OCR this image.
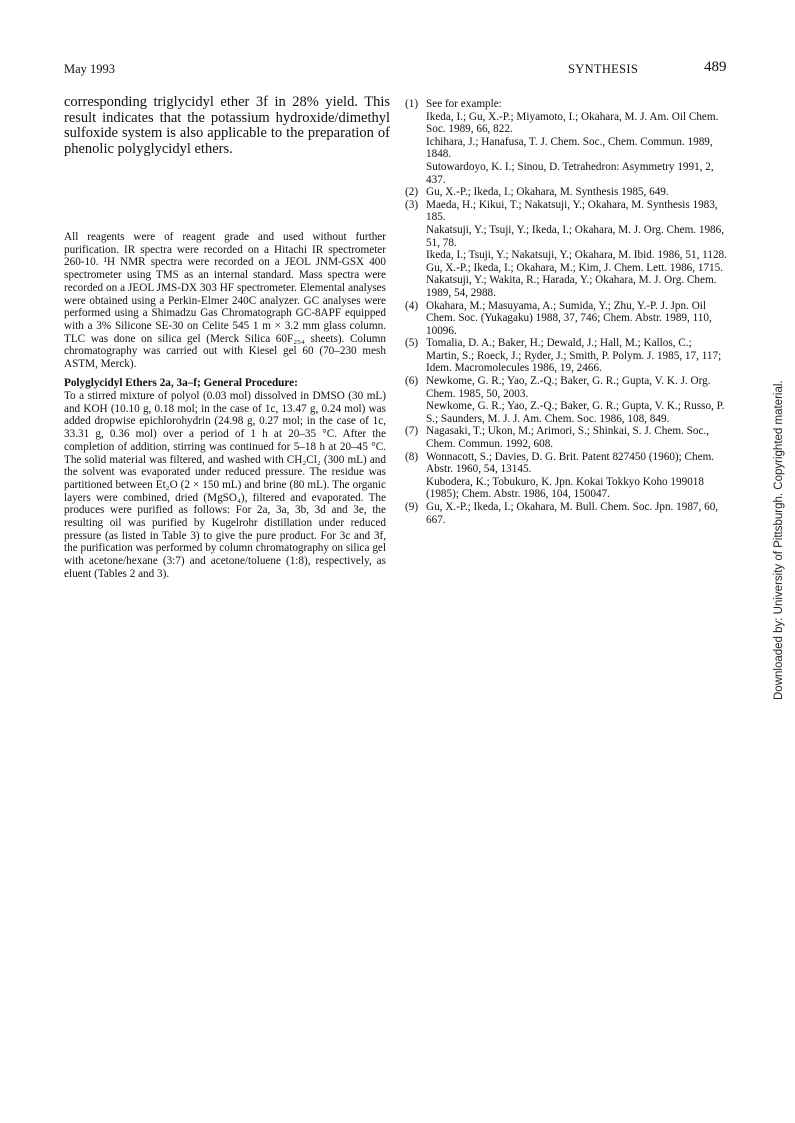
May 1993	SYNTHESIS	489

corresponding triglycidyl ether 3f in 28% yield. This result indicates that the potassium hydroxide/dimethyl sulfoxide system is also applicable to the preparation of phenolic polyglycidyl ethers.

All reagents were of reagent grade and used without further purification. IR spectra were recorded on a Hitachi IR spectrometer 260-10. ¹H NMR spectra were recorded on a JEOL JNM-GSX 400 spectrometer using TMS as an internal standard. Mass spectra were recorded on a JEOL JMS-DX 303 HF spectrometer. Elemental analyses were obtained using a Perkin-Elmer 240C analyzer. GC analyses were performed using a Shimadzu Gas Chromatograph GC-8APF equipped with a 3% Silicone SE-30 on Celite 545 1 m × 3.2 mm glass column. TLC was done on silica gel (Merck Silica 60F₂₅₄ sheets). Column chromatography was carried out with Kiesel gel 60 (70–230 mesh ASTM, Merck).

Polyglycidyl Ethers 2a, 3a–f; General Procedure:

To a stirred mixture of polyol (0.03 mol) dissolved in DMSO (30 mL) and KOH (10.10 g, 0.18 mol; in the case of 1c, 13.47 g, 0.24 mol) was added dropwise epichlorohydrin (24.98 g, 0.27 mol; in the case of 1c, 33.31 g, 0.36 mol) over a period of 1 h at 20–35 °C. After the completion of addition, stirring was continued for 5–18 h at 20–45 °C. The solid material was filtered, and washed with CH₂Cl₂ (300 mL) and the solvent was evaporated under reduced pressure. The residue was partitioned between Et₂O (2 × 150 mL) and brine (80 mL). The organic layers were combined, dried (MgSO₄), filtered and evaporated. The produces were purified as follows: For 2a, 3a, 3b, 3d and 3e, the resulting oil was purified by Kugelrohr distillation under reduced pressure (as listed in Table 3) to give the pure product. For 3c and 3f, the purification was performed by column chromatography on silica gel with acetone/hexane (3:7) and acetone/toluene (1:8), respectively, as eluent (Tables 2 and 3).

(1) See for example:
Ikeda, I.; Gu, X.-P.; Miyamoto, I.; Okahara, M. J. Am. Oil Chem. Soc. 1989, 66, 822.
Ichihara, J.; Hanafusa, T. J. Chem. Soc., Chem. Commun. 1989, 1848.
Sutowardoyo, K. I.; Sinou, D. Tetrahedron: Asymmetry 1991, 2, 437.
(2) Gu, X.-P.; Ikeda, I.; Okahara, M. Synthesis 1985, 649.
(3) Maeda, H.; Kikui, T.; Nakatsuji, Y.; Okahara, M. Synthesis 1983, 185.
Nakatsuji, Y.; Tsuji, Y.; Ikeda, I.; Okahara, M. J. Org. Chem. 1986, 51, 78.
Ikeda, I.; Tsuji, Y.; Nakatsuji, Y.; Okahara, M. Ibid. 1986, 51, 1128.
Gu, X.-P.; Ikeda, I.; Okahara, M.; Kim, J. Chem. Lett. 1986, 1715.
Nakatsuji, Y.; Wakita, R.; Harada, Y.; Okahara, M. J. Org. Chem. 1989, 54, 2988.
(4) Okahara, M.; Masuyama, A.; Sumida, Y.; Zhu, Y.-P. J. Jpn. Oil Chem. Soc. (Yukagaku) 1988, 37, 746; Chem. Abstr. 1989, 110, 10096.
(5) Tomalia, D. A.; Baker, H.; Dewald, J.; Hall, M.; Kallos, C.; Martin, S.; Roeck, J.; Ryder, J.; Smith, P. Polym. J. 1985, 17, 117;
Idem. Macromolecules 1986, 19, 2466.
(6) Newkome, G. R.; Yao, Z.-Q.; Baker, G. R.; Gupta, V. K. J. Org. Chem. 1985, 50, 2003.
Newkome, G. R.; Yao, Z.-Q.; Baker, G. R.; Gupta, V. K.; Russo, P. S.; Saunders, M. J. J. Am. Chem. Soc. 1986, 108, 849.
(7) Nagasaki, T.; Ukon, M.; Arimori, S.; Shinkai, S. J. Chem. Soc., Chem. Commun. 1992, 608.
(8) Wonnacott, S.; Davies, D. G. Brit. Patent 827450 (1960); Chem. Abstr. 1960, 54, 13145.
Kubodera, K.; Tobukuro, K. Jpn. Kokai Tokkyo Koho 199018 (1985); Chem. Abstr. 1986, 104, 150047.
(9) Gu, X.-P.; Ikeda, I.; Okahara, M. Bull. Chem. Soc. Jpn. 1987, 60, 667.	Downloaded by: University of Pittsburgh. Copyrighted material.
